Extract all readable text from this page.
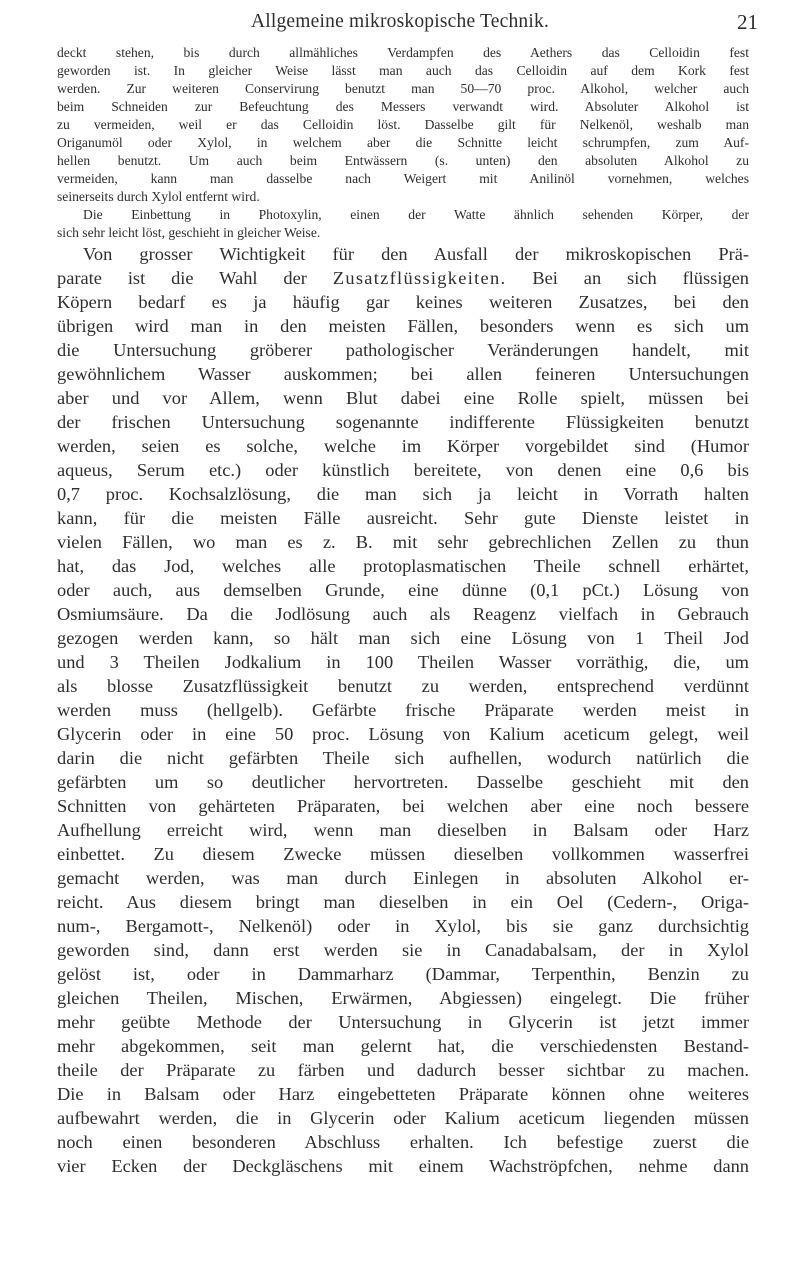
Allgemeine mikroskopische Technik.	21
deckt stehen, bis durch allmähliches Verdampfen des Aethers das Celloidin fest
geworden ist. In gleicher Weise lässt man auch das Celloidin auf dem Kork fest
werden. Zur weiteren Conservirung benutzt man 50—70 proc. Alkohol, welcher auch
beim Schneiden zur Befeuchtung des Messers verwandt wird. Absoluter Alkohol ist
zu vermeiden, weil er das Celloidin löst. Dasselbe gilt für Nelkenöl, weshalb man
Origanumöl oder Xylol, in welchem aber die Schnitte leicht schrumpfen, zum Auf-
hellen benutzt. Um auch beim Entwässern (s. unten) den absoluten Alkohol zu
vermeiden, kann man dasselbe nach Weigert mit Anilinöl vornehmen, welches
seinerseits durch Xylol entfernt wird.
Die Einbettung in Photoxylin, einen der Watte ähnlich sehenden Körper, der
sich sehr leicht löst, geschieht in gleicher Weise.
Von grosser Wichtigkeit für den Ausfall der mikroskopischen Prä-
parate ist die Wahl der Zusatzflüssigkeiten. Bei an sich flüssigen
Köpern bedarf es ja häufig gar keines weiteren Zusatzes, bei den
übrigen wird man in den meisten Fällen, besonders wenn es sich um
die Untersuchung gröberer pathologischer Veränderungen handelt, mit
gewöhnlichem Wasser auskommen; bei allen feineren Untersuchungen
aber und vor Allem, wenn Blut dabei eine Rolle spielt, müssen bei
der frischen Untersuchung sogenannte indifferente Flüssigkeiten benutzt
werden, seien es solche, welche im Körper vorgebildet sind (Humor
aqueus, Serum etc.) oder künstlich bereitete, von denen eine 0,6 bis
0,7 proc. Kochsalzlösung, die man sich ja leicht in Vorrath halten
kann, für die meisten Fälle ausreicht. Sehr gute Dienste leistet in
vielen Fällen, wo man es z. B. mit sehr gebrechlichen Zellen zu thun
hat, das Jod, welches alle protoplasmatischen Theile schnell erhärtet,
oder auch, aus demselben Grunde, eine dünne (0,1 pCt.) Lösung von
Osmiumsäure. Da die Jodlösung auch als Reagenz vielfach in Gebrauch
gezogen werden kann, so hält man sich eine Lösung von 1 Theil Jod
und 3 Theilen Jodkalium in 100 Theilen Wasser vorräthig, die, um
als blosse Zusatzflüssigkeit benutzt zu werden, entsprechend verdünnt
werden muss (hellgelb). Gefärbte frische Präparate werden meist in
Glycerin oder in eine 50 proc. Lösung von Kalium aceticum gelegt, weil
darin die nicht gefärbten Theile sich aufhellen, wodurch natürlich die
gefärbten um so deutlicher hervortreten. Dasselbe geschieht mit den
Schnitten von gehärteten Präparaten, bei welchen aber eine noch bessere
Aufhellung erreicht wird, wenn man dieselben in Balsam oder Harz
einbettet. Zu diesem Zwecke müssen dieselben vollkommen wasserfrei
gemacht werden, was man durch Einlegen in absoluten Alkohol er-
reicht. Aus diesem bringt man dieselben in ein Oel (Cedern-, Origa-
num-, Bergamott-, Nelkenöl) oder in Xylol, bis sie ganz durchsichtig
geworden sind, dann erst werden sie in Canadabalsam, der in Xylol
gelöst ist, oder in Dammarharz (Dammar, Terpenthin, Benzin zu
gleichen Theilen, Mischen, Erwärmen, Abgiessen) eingelegt. Die früher
mehr geübte Methode der Untersuchung in Glycerin ist jetzt immer
mehr abgekommen, seit man gelernt hat, die verschiedensten Bestand-
theile der Präparate zu färben und dadurch besser sichtbar zu machen.
Die in Balsam oder Harz eingebetteten Präparate können ohne weiteres
aufbewahrt werden, die in Glycerin oder Kalium aceticum liegenden müssen
noch einen besonderen Abschluss erhalten. Ich befestige zuerst die
vier Ecken der Deckgläschens mit einem Wachströpfchen, nehme dann
